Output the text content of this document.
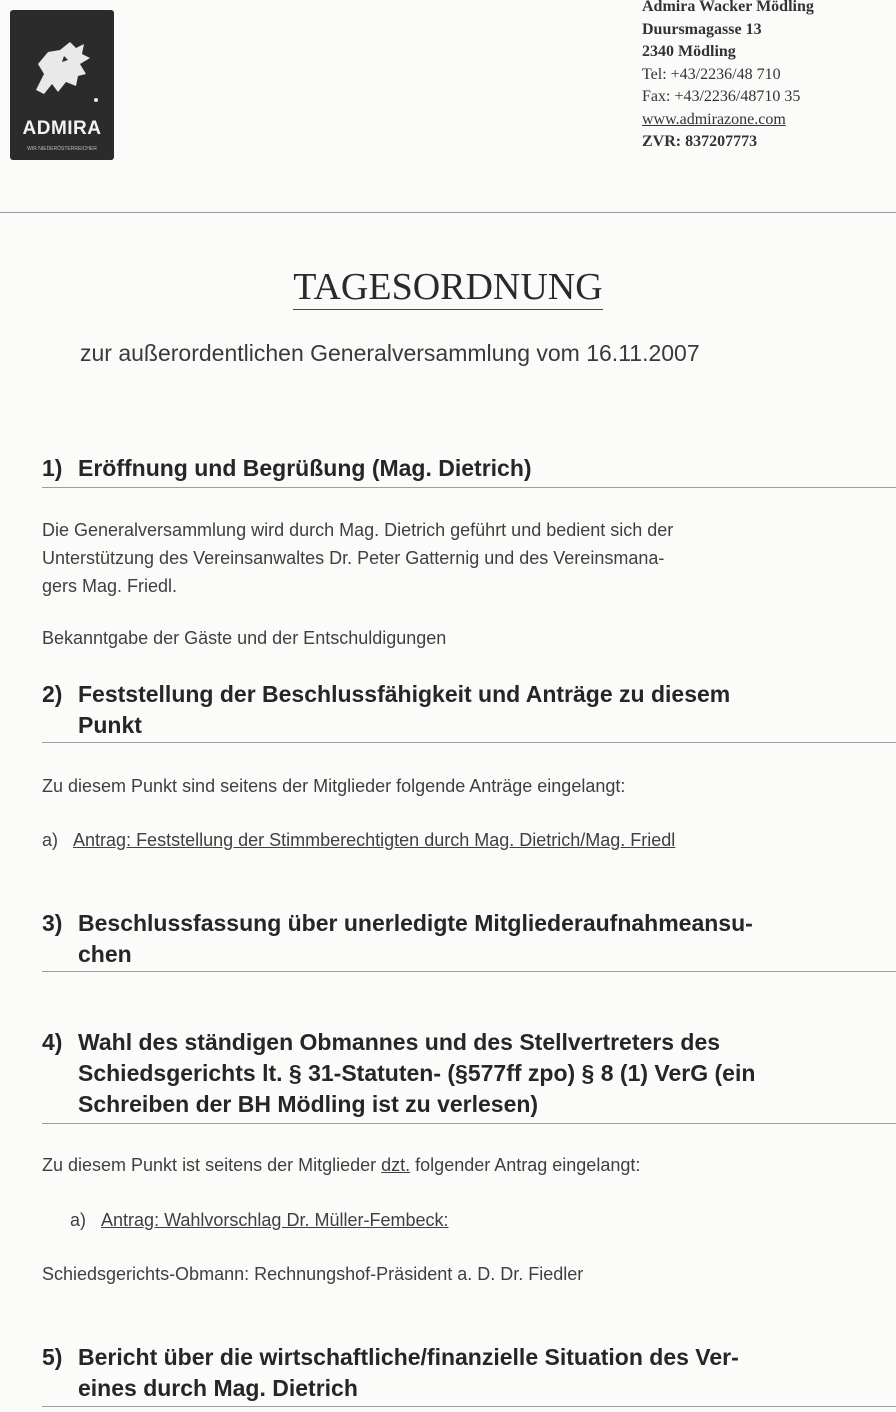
ADMIRA
WIR NIEDERÖSTERREICHER
Admira Wacker Mödling
Duursmagasse 13
2340 Mödling
Tel: +43/2236/48 710
Fax: +43/2236/48710 35
www.admirazone.com
ZVR: 837207773
TAGESORDNUNG
zur außerordentlichen Generalversammlung vom 16.11.2007
1) Eröffnung und Begrüßung (Mag. Dietrich)
Die Generalversammlung wird durch Mag. Dietrich geführt und bedient sich der
Unterstützung des Vereinsanwaltes Dr. Peter Gatternig und des Vereinsmana-
gers Mag. Friedl.
Bekanntgabe der Gäste und der Entschuldigungen
2) Feststellung der Beschlussfähigkeit und Anträge zu diesem
Punkt
Zu diesem Punkt sind seitens der Mitglieder folgende Anträge eingelangt:
a) Antrag: Feststellung der Stimmberechtigten durch Mag. Dietrich/Mag. Friedl
3) Beschlussfassung über unerledigte Mitgliederaufnahmeansu-
chen
4) Wahl des ständigen Obmannes und des Stellvertreters des
Schiedsgerichts lt. § 31-Statuten- (§577ff zpo) § 8 (1) VerG (ein
Schreiben der BH Mödling ist zu verlesen)
Zu diesem Punkt ist seitens der Mitglieder dzt. folgender Antrag eingelangt:
a) Antrag: Wahlvorschlag Dr. Müller-Fembeck:
Schiedsgerichts-Obmann: Rechnungshof-Präsident a. D. Dr. Fiedler
5) Bericht über die wirtschaftliche/finanzielle Situation des Ver-
eines durch Mag. Dietrich
